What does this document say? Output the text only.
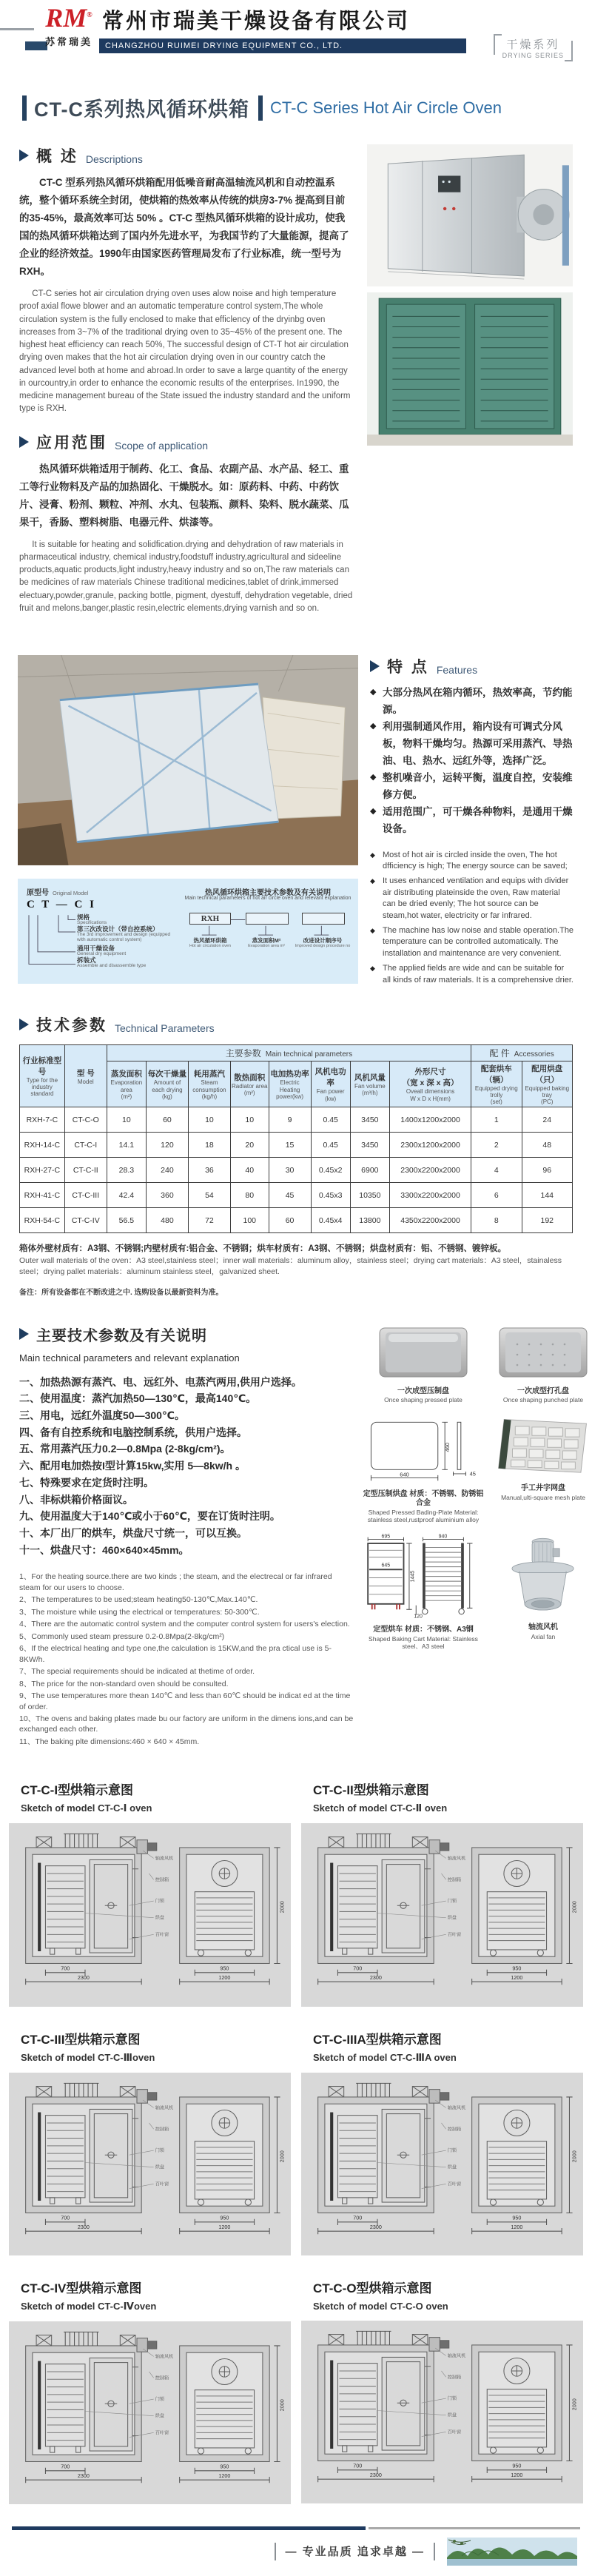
RM®
苏常瑞美
常州市瑞美干燥设备有限公司
CHANGZHOU RUIMEI DRYING EQUIPMENT CO., LTD.	干燥系列
DRYING SERIES
CT-C系列热风循环烘箱 CT-C Series Hot Air Circle Oven
概 述 Descriptions

CT-C 型系列热风循环烘箱配用低噪音耐高温轴流风机和自动控温系统，整个循环系统全封闭，使烘箱的热效率从传统的烘房3-7% 提高到目前的35-45%，最高效率可达 50% 。CT-C 型热风循环烘箱的设计成功，使我国的热风循环烘箱达到了国内外先进水平，为我国节约了大量能源，提高了企业的经济效益。1990年由国家医药管理局发布了行业标准，统一型号为RXH。

CT-C series hot air circulation drying oven uses alow noise and high temperature proof axial flowe blower and an automatic temperature control system,The whole circulation system is the fully enclosed to make that efficlency of the dryinbg oven increases from 3~7% of the traditional drying oven to 35~45% of the present one. The highest heat efficiency can reach 50%, The successful design of CT-T hot air circulation drying oven makes that the hot air circulation drying oven in our country catch the advanced level both at home and abroad.In order to save a large quantity of the energy in ourcountry,in order to enhance the economic results of the enterprises. In1990, the medicine management bureau of the State issued the industry standard and the uniform type is RXH.

应用范围 Scope of application

热风循环烘箱适用于制药、化工、食品、农副产品、水产品、轻工、重工等行业物料及产品的加热固化、干燥脱水。如：原药料、中药、中药饮片、浸膏、粉剂、颗粒、冲剂、水丸、包装瓶、颜料、染料、脱水蔬菜、瓜果干，香肠、塑料树脂、电器元件、烘漆等。

It is suitable for heating and solidfication.drying and dehydration of raw materials in pharmaceutical industry, chemical industry,foodstuff industry,agricultural and sideeline products,aquatic products,light industry,heavy industry and so on,The raw materials can be medicines of raw materials Chinese traditional medicines,tablet of drink,immersed electuary,powder,granule, packing bottle, pigment, dyestuff, dehydration vegetable, dried fruit and melons,banger,plastic resin,electric elements,drying varnish and so on.

原型号 Original Model
C T — C I
规格
Specifications
第三次改设计（带自控系统）
The 3rd improvement and design (equipped with automatic control system)
通用干燥设备
General dry equipment
拆装式
Assemble and disassemble type
热风循环烘箱主要技术参数及有关说明
Main technical parameters of hot air circle oven and relevant explanation
RXH
热风循环烘箱
Hot air circulation oven
蒸发面积M²
Evaporation area m²
改进设计顺序号
Improved design procedure no
特 点 Features
◆ 大部分热风在箱内循环，热效率高，节约能源。
◆ 利用强制通风作用，箱内设有可调式分风板，物料干燥均匀。热源可采用蒸汽、导热油、电、热水、远红外等，选择广泛。
◆ 整机噪音小，运转平衡，温度自控，安装维修方便。
◆ 适用范围广，可干燥各种物料，是通用干燥设备。
◆ Most of hot air is circled inside the oven, The hot dfficiency is high; The energy source can be saved;
◆ It uses enhanced ventilation and equips with divider air distributing plateinside the oven, Raw material can be dried evenly; The hot source can be steam,hot water, electricity or far infrared.
◆ The machine has low noise and stable operation.The temperature can be controlled automatically. The installation and maintenance are very convenient.
◆ The applied fields are wide and can be suitable for all kinds of raw materials. It is a comprehensive drier.
技术参数 Technical Parameters
行业标准型号
Type for the industry standard	型 号
Model	主要参数 Main technical parameters								配 件 Accessories	

		蒸发面积
Evaporation area
(m²)	每次干燥量
Amount of each drying
(kg)	耗用蒸汽
Steam consumption
(kg/h)	散热面积
Radiator area
(m²)	电加热功率
Electric Heating
power(kw)	风机电功率
Fan power
(kw)	风机风量
Fan volume
(m³/h)	外形尺寸
（宽 x 深 x 高）
Oveall dimensions
W x D x H(mm)	配套烘车
（辆）
Equipped drying trolly
(set)	配用烘盘
（只）
Equipped baking tray
(PC)

RXH-7-C	CT-C-O	10	60	10	10	9	0.45	3450	1400x1200x2000	1	24
RXH-14-C	CT-C-I	14.1	120	18	20	15	0.45	3450	2300x1200x2000	2	48
RXH-27-C	CT-C-II	28.3	240	36	40	30	0.45x2	6900	2300x2200x2000	4	96
RXH-41-C	CT-C-III	42.4	360	54	80	45	0.45x3	10350	3300x2200x2000	6	144
RXH-54-C	CT-C-IV	56.5	480	72	100	60	0.45x4	13800	4350x2200x2000	8	192

箱体外壁材质有：A3钢、不锈钢;内壁材质有:铝合金、不锈钢；烘车材质有：A3钢、不锈钢；烘盘材质有：铝、不锈钢、镀锌板。

Outer wall materials of the oven：A3 steel,stainless steel；inner wall materials：aluminum alloy，stainless steel；drying cart materials：A3 steel，stainaless steel；drying pallet materials：aluminum stainless steel，galvanized sheet.

备注：所有设备都在不断改进之中. 选购设备以最新资料为准。

主要技术参数及有关说明
Main technical parameters and relevant explanation
一、加热热源有蒸汽、电、远红外、电蒸汽两用,供用户选择。
二、使用温度：蒸汽加热50—130℃，最高140℃。
三、用电，远红外温度50—300℃。
四、备有自控系统和电脑控制系统，供用户选择。
五、常用蒸汽压力0.2—0.8Mpa (2-8kg/cm²)。
六、配用电加热按I型计算15kw,实用 5—8kw/h 。
七、特殊要求在定货时注明。
八、非标烘箱价格面议。
九、使用温度大于140℃或小于60℃，要在订货时注明。
十、本厂出厂的烘车，烘盘尺寸统一，可以互换。
十一、烘盘尺寸：460×640×45mm。
1、For the heating source.there are two kinds ; the steam, and the electrecal or far infrared steam for our users to choose.
2、The temperatures to be used;steam heating50-130℃,Max.140℃.
3、The moisture while using the electrical or temperatures: 50-300℃.
4、There are the automatic control system and the computer control system for users's election.
5、Commonly used steam pressure 0.2-0.8Mpa(2-8kg/cm²)
6、If the electrical heating and type one,the calculation is 15KW,and the pra ctical use is 5-8KW/h.
7、The special requirements should be indicated at thetime of order.
8、The price for the non-standard oven should be consulted.
9、The use temperatures more thean 140℃ and less than 60℃ should be indicat ed at the time of order.
10、The ovens and baking plates made bu our factory are uniform in the dimens ions,and can be exchanged each other.
11、The baking plte dimensions:460 × 640 × 45mm.
一次成型压制盘
Once shaping pressed plate
一次成型打孔盘
Once shaping punched plate
460
45
640
定型压制烘盘 材质：不锈钢、防锈铝合金
Shaped Pressed Bading-Plate Material: stainless steel,rustproof aluminium alloy
手工井字网盘
Manual,ulti-square mesh plate
695
645
1445
940
120
定型烘车 材质：不锈钢、A3钢
Shaped Baking Cart Material: Stainless steel、A3 steel
轴流风机
Axial fan
CT-C-I型烘箱示意图
Sketch of model CT-C-Ⅰ oven
CT-C-II型烘箱示意图
Sketch of model CT-C-Ⅱ oven
CT-C-III型烘箱示意图
Sketch of model CT-C-Ⅲoven
CT-C-IIIA型烘箱示意图
Sketch of model CT-C-ⅢA oven
CT-C-IV型烘箱示意图
Sketch of model CT-C-Ⅳoven
CT-C-O型烘箱示意图
Sketch of model CT-C-O oven
— 专业品质 追求卓越 —
